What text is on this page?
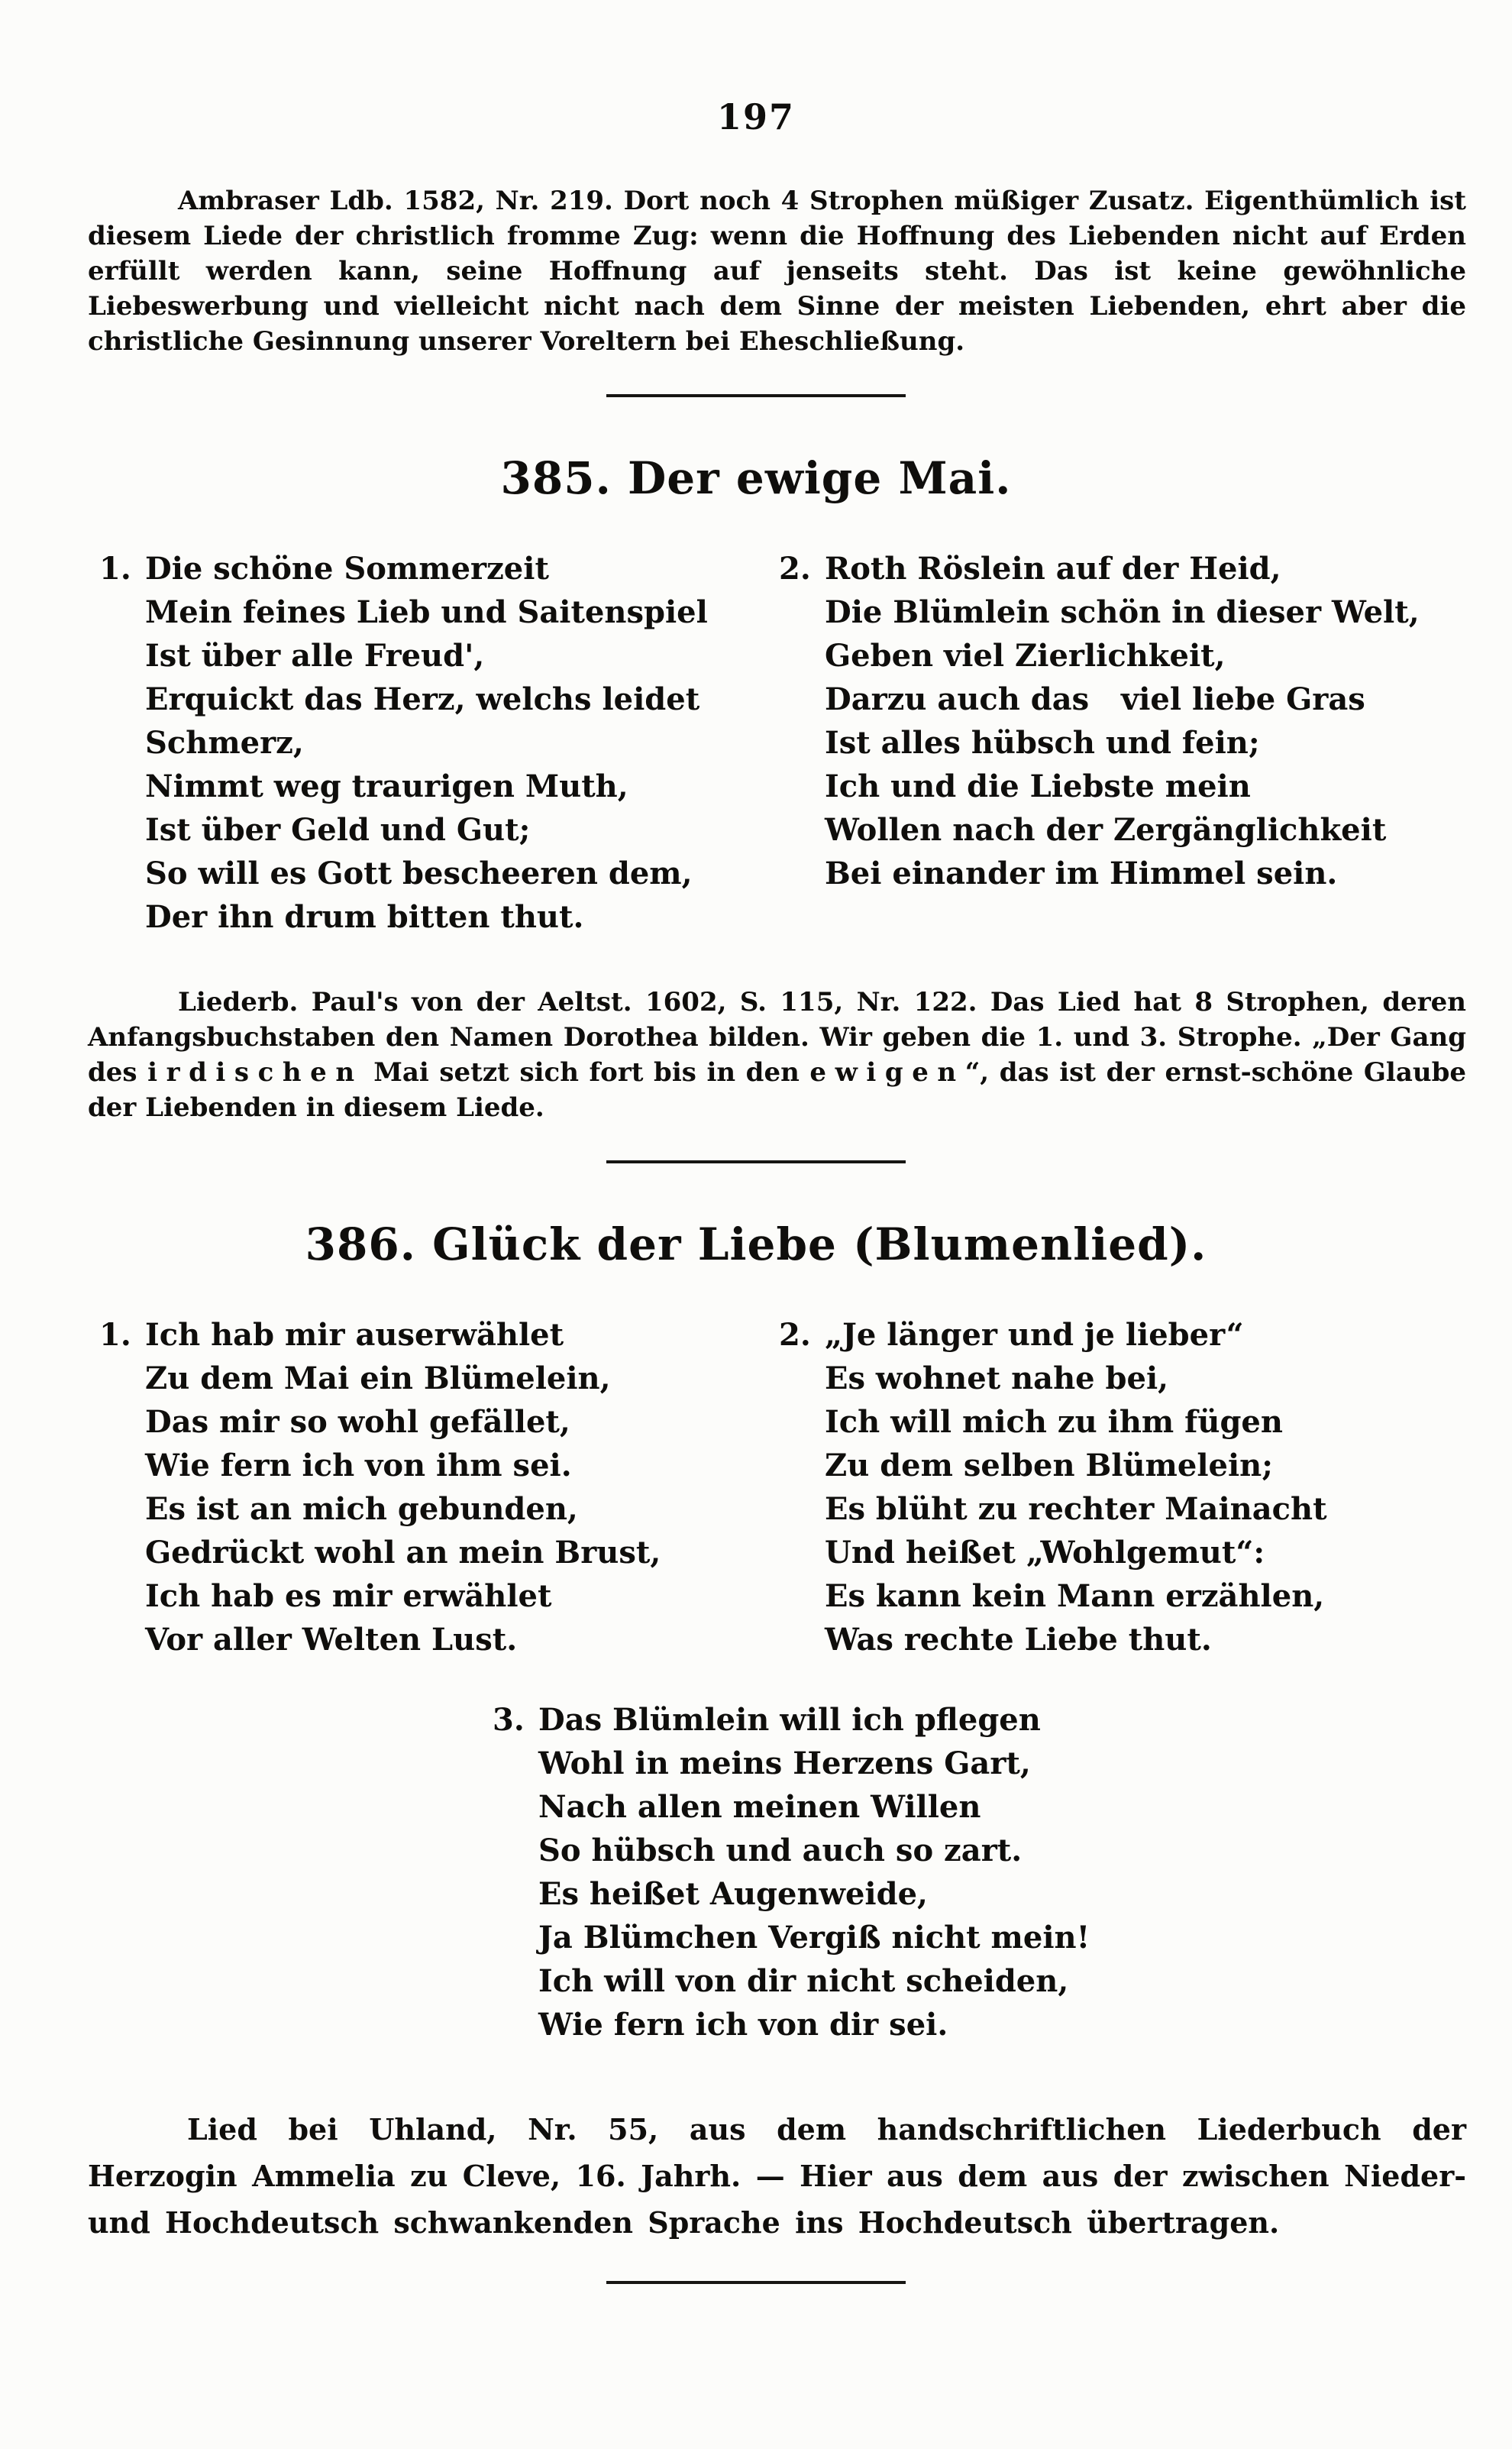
197

Ambraser Ldb. 1582, Nr. 219. Dort noch 4 Strophen müßiger Zusatz. Eigenthümlich ist diesem Liede der christlich fromme Zug: wenn die Hoffnung des Liebenden nicht auf Erden erfüllt werden kann, seine Hoffnung auf jenseits steht. Das ist keine gewöhnliche Liebeswerbung und vielleicht nicht nach dem Sinne der meisten Liebenden, ehrt aber die christliche Gesinnung unserer Voreltern bei Eheschließung.

385. Der ewige Mai.
1. Die schöne Sommerzeit
Mein feines Lieb und Saitenspiel
Ist über alle Freud',
Erquickt das Herz, welchs leidet Schmerz,
Nimmt weg traurigen Muth,
Ist über Geld und Gut;
So will es Gott bescheeren dem,
Der ihn drum bitten thut.
2. Roth Röslein auf der Heid,
Die Blümlein schön in dieser Welt,
Geben viel Zierlichkeit,
Darzu auch das   viel liebe Gras
Ist alles hübsch und fein;
Ich und die Liebste mein
Wollen nach der Zergänglichkeit
Bei einander im Himmel sein.

Liederb. Paul's von der Aeltst. 1602, S. 115, Nr. 122. Das Lied hat 8 Strophen, deren Anfangsbuchstaben den Namen Dorothea bilden. Wir geben die 1. und 3. Strophe. „Der Gang des irdischen Mai setzt sich fort bis in den ewigen“, das ist der ernst-schöne Glaube der Liebenden in diesem Liede.

386. Glück der Liebe (Blumenlied).
1. Ich hab mir auserwählet
Zu dem Mai ein Blümelein,
Das mir so wohl gefället,
Wie fern ich von ihm sei.
Es ist an mich gebunden,
Gedrückt wohl an mein Brust,
Ich hab es mir erwählet
Vor aller Welten Lust.
2. „Je länger und je lieber“
Es wohnet nahe bei,
Ich will mich zu ihm fügen
Zu dem selben Blümelein;
Es blüht zu rechter Mainacht
Und heißet „Wohlgemut“:
Es kann kein Mann erzählen,
Was rechte Liebe thut.
3. Das Blümlein will ich pflegen
Wohl in meins Herzens Gart,
Nach allen meinen Willen
So hübsch und auch so zart.
Es heißet Augenweide,
Ja Blümchen Vergiß nicht mein!
Ich will von dir nicht scheiden,
Wie fern ich von dir sei.

Lied bei Uhland, Nr. 55, aus dem handschriftlichen Liederbuch der Herzogin Ammelia zu Cleve, 16. Jahrh. — Hier aus dem aus der zwischen Nieder- und Hochdeutsch schwankenden Sprache ins Hochdeutsch übertragen.
